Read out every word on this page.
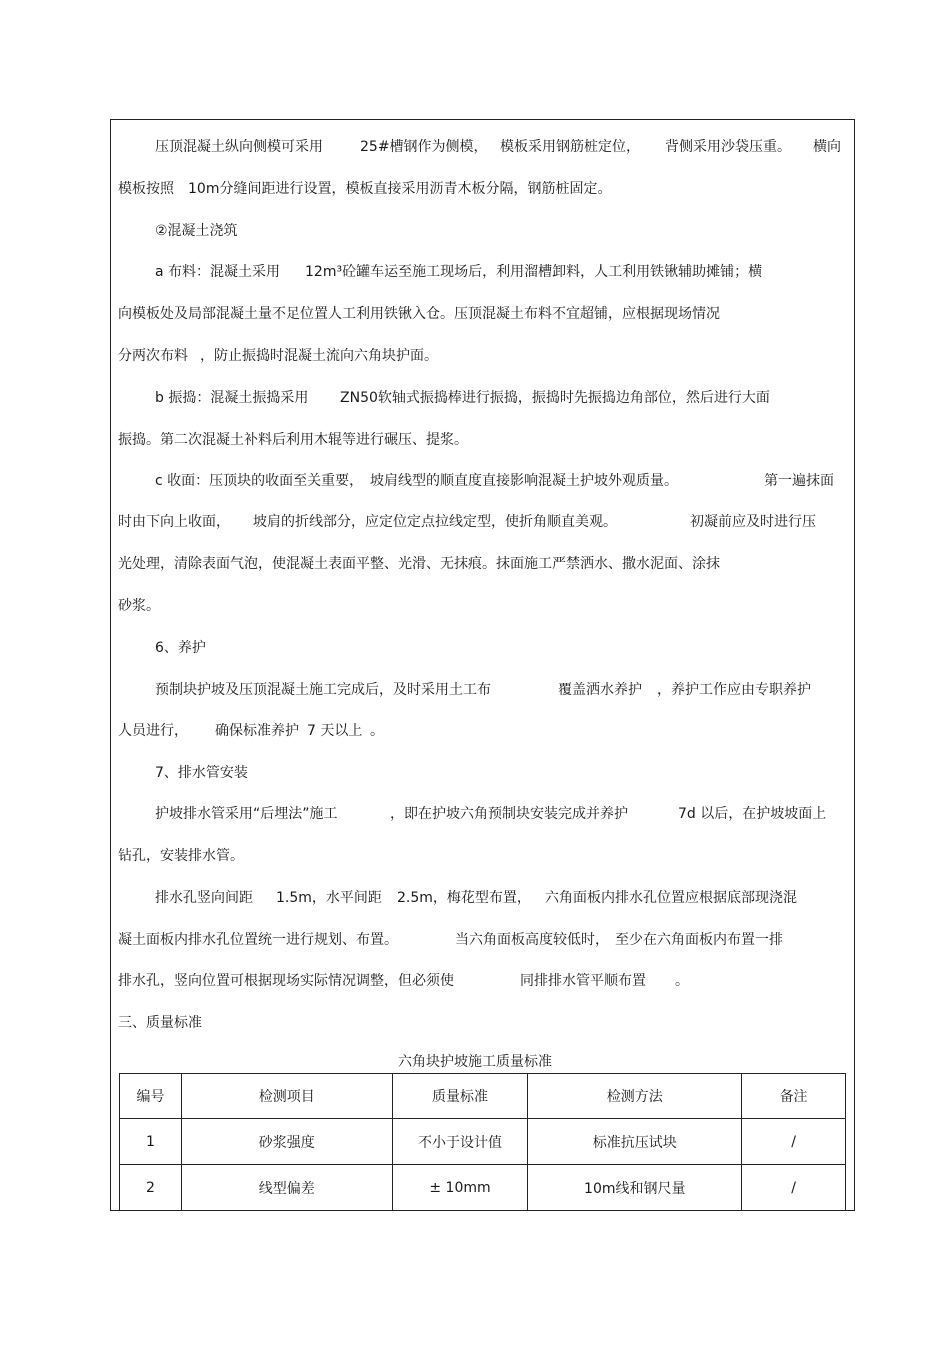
压顶混凝土纵向侧模可采用	25#槽钢作为侧模， 模板采用钢筋桩定位， 背侧采用沙袋压重。 横向
模板按照 10m分缝间距进行设置，模板直接采用沥青木板分隔，钢筋桩固定。
②混凝土浇筑
a 布料：混凝土采用 12m³砼罐车运至施工现场后，利用溜槽卸料，人工利用铁锹辅助摊铺；横
向模板处及局部混凝土量不足位置人工利用铁锹入仓。压顶混凝土布料不宜超铺，应根据现场情况
分两次布料 ，防止振捣时混凝土流向六角块护面。
b 振捣：混凝土振捣采用 ZN50软轴式振捣棒进行振捣，振捣时先振捣边角部位，然后进行大面
振捣。第二次混凝土补料后利用木辊等进行碾压、提浆。
c 收面：压顶块的收面至关重要， 坡肩线型的顺直度直接影响混凝土护坡外观质量。	第一遍抹面
时由下向上收面， 坡肩的折线部分，应定位定点拉线定型，使折角顺直美观。	初凝前应及时进行压
光处理，清除表面气泡，使混凝土表面平整、光滑、无抹痕。抹面施工严禁洒水、撒水泥面、涂抹
砂浆。
6、养护
预制块护坡及压顶混凝土施工完成后，及时采用土工布	覆盖洒水养护 ，养护工作应由专职养护
人员进行， 确保标准养护 7 天以上 。
7、排水管安装
护坡排水管采用“后埋法”施工	，即在护坡六角预制块安装完成并养护	7d 以后，在护坡坡面上
钻孔，安装排水管。
排水孔竖向间距 1.5m，水平间距 2.5m，梅花型布置， 六角面板内排水孔位置应根据底部现浇混
凝土面板内排水孔位置统一进行规划、布置。	当六角面板高度较低时， 至少在六角面板内布置一排
排水孔，竖向位置可根据现场实际情况调整，但必须使	同排排水管平顺布置 。
三、质量标准
六角块护坡施工质量标准
编号	检测项目	质量标准	检测方法	备注
1	砂浆强度	不小于设计值	标准抗压试块	/
2	线型偏差	± 10mm	10m线和钢尺量	/
